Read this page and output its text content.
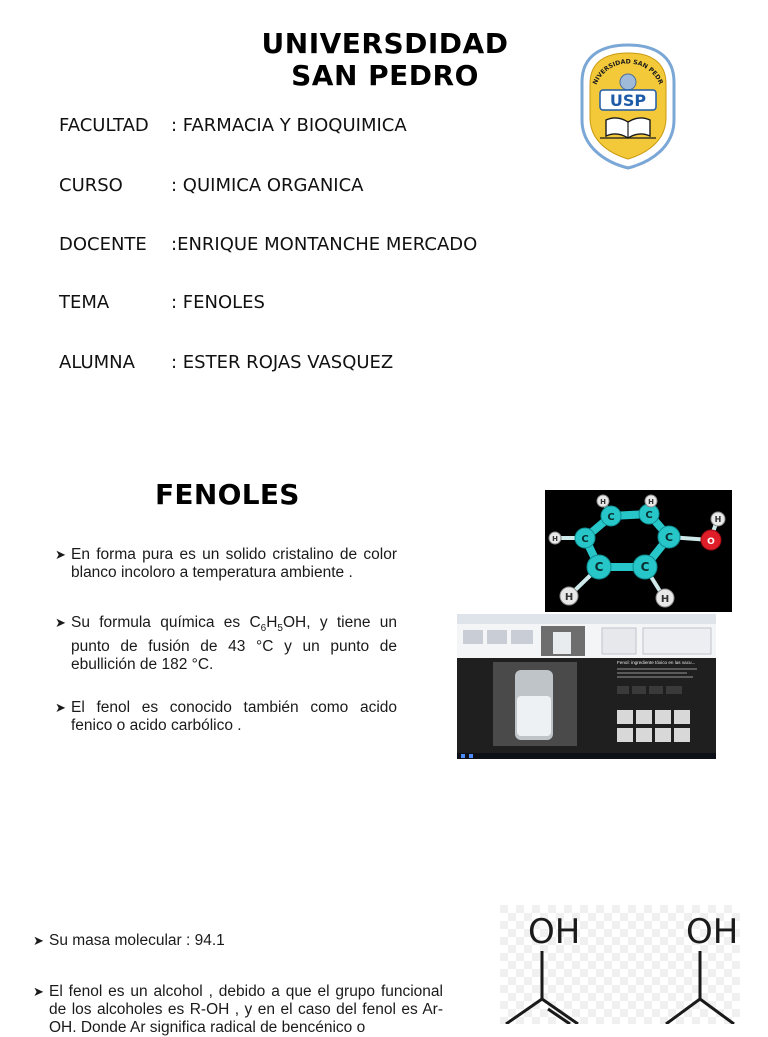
UNIVERSDIDAD
SAN PEDRO	NIVERSIDAD SAN PEDR
USP
FACULTAD : FARMACIA Y BIOQUIMICA
CURSO	: QUIMICA ORGANICA
DOCENTE :ENRIQUE MONTANCHE MERCADO
TEMA	: FENOLES
ALUMNA : ESTER ROJAS VASQUEZ
FENOLES
➤ En forma pura es un solido cristalino de color blanco incoloro a temperatura ambiente .
➤ Su formula química es $C_6H_5OH$, y tiene un punto de fusión de 43 °C y un punto de ebullición de 182 °C.
➤ El fenol es conocido también como acido fenico o acido carbólico .
C	C
C
C
C
C
H	H
H
H	H
H
O
Fenol: ingrediente tóxico en las vacu...
➤ Su masa molecular : 94.1
➤ El fenol es un alcohol , debido a que el grupo funcional de los alcoholes es R-OH , y en el caso del fenol es Ar- OH. Donde Ar significa radical de bencénico o
OH	OH
